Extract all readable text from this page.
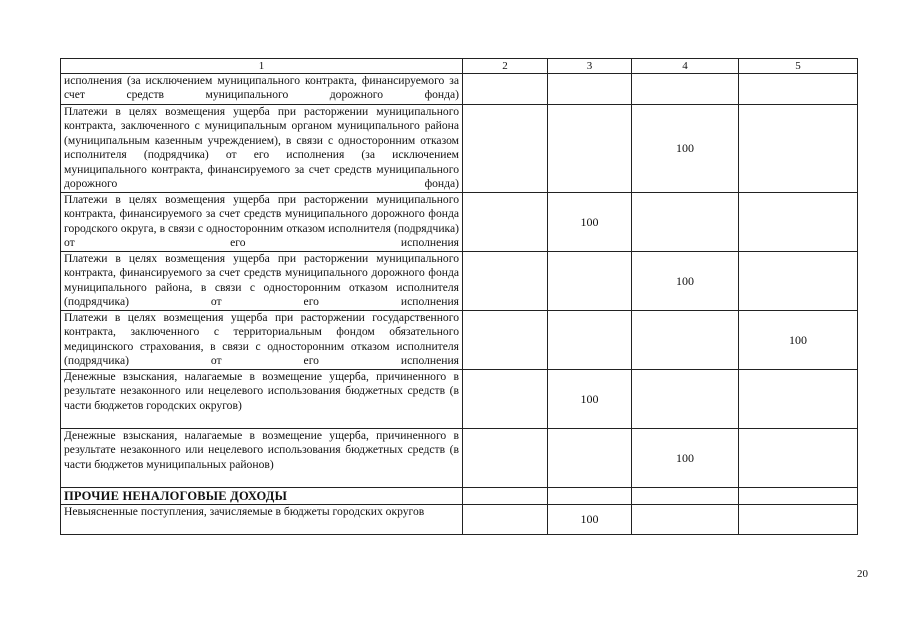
1	2	3	4	5
исполнения (за исключением муниципального контракта, финансируемого за счет средств муниципального дорожного фонда)				
Платежи в целях возмещения ущерба при расторжении муниципального контракта, заключенного с муниципальным органом муниципального района (муниципальным казенным учреждением), в связи с односторонним отказом исполнителя (подрядчика) от его исполнения (за исключением муниципального контракта, финансируемого за счет средств муниципального дорожного фонда)			100	
Платежи в целях возмещения ущерба при расторжении муниципального контракта, финансируемого за счет средств муниципального дорожного фонда городского округа, в связи с односторонним отказом исполнителя (подрядчика) от его исполнения		100		
Платежи в целях возмещения ущерба при расторжении муниципального контракта, финансируемого за счет средств муниципального дорожного фонда муниципального района, в связи с односторонним отказом исполнителя (подрядчика) от его исполнения			100	
Платежи в целях возмещения ущерба при расторжении государственного контракта, заключенного с территориальным фондом обязательного медицинского страхования, в связи с односторонним отказом исполнителя (подрядчика) от его исполнения				100
Денежные взыскания, налагаемые в возмещение ущерба, причиненного в результате незаконного или нецелевого использования бюджетных средств (в части бюджетов городских округов)		100		
Денежные взыскания, налагаемые в возмещение ущерба, причиненного в результате незаконного или нецелевого использования бюджетных средств (в части бюджетов муниципальных районов)			100	
ПРОЧИЕ НЕНАЛОГОВЫЕ ДОХОДЫ				
Невыясненные поступления, зачисляемые в бюджеты городских округов		100		
20
